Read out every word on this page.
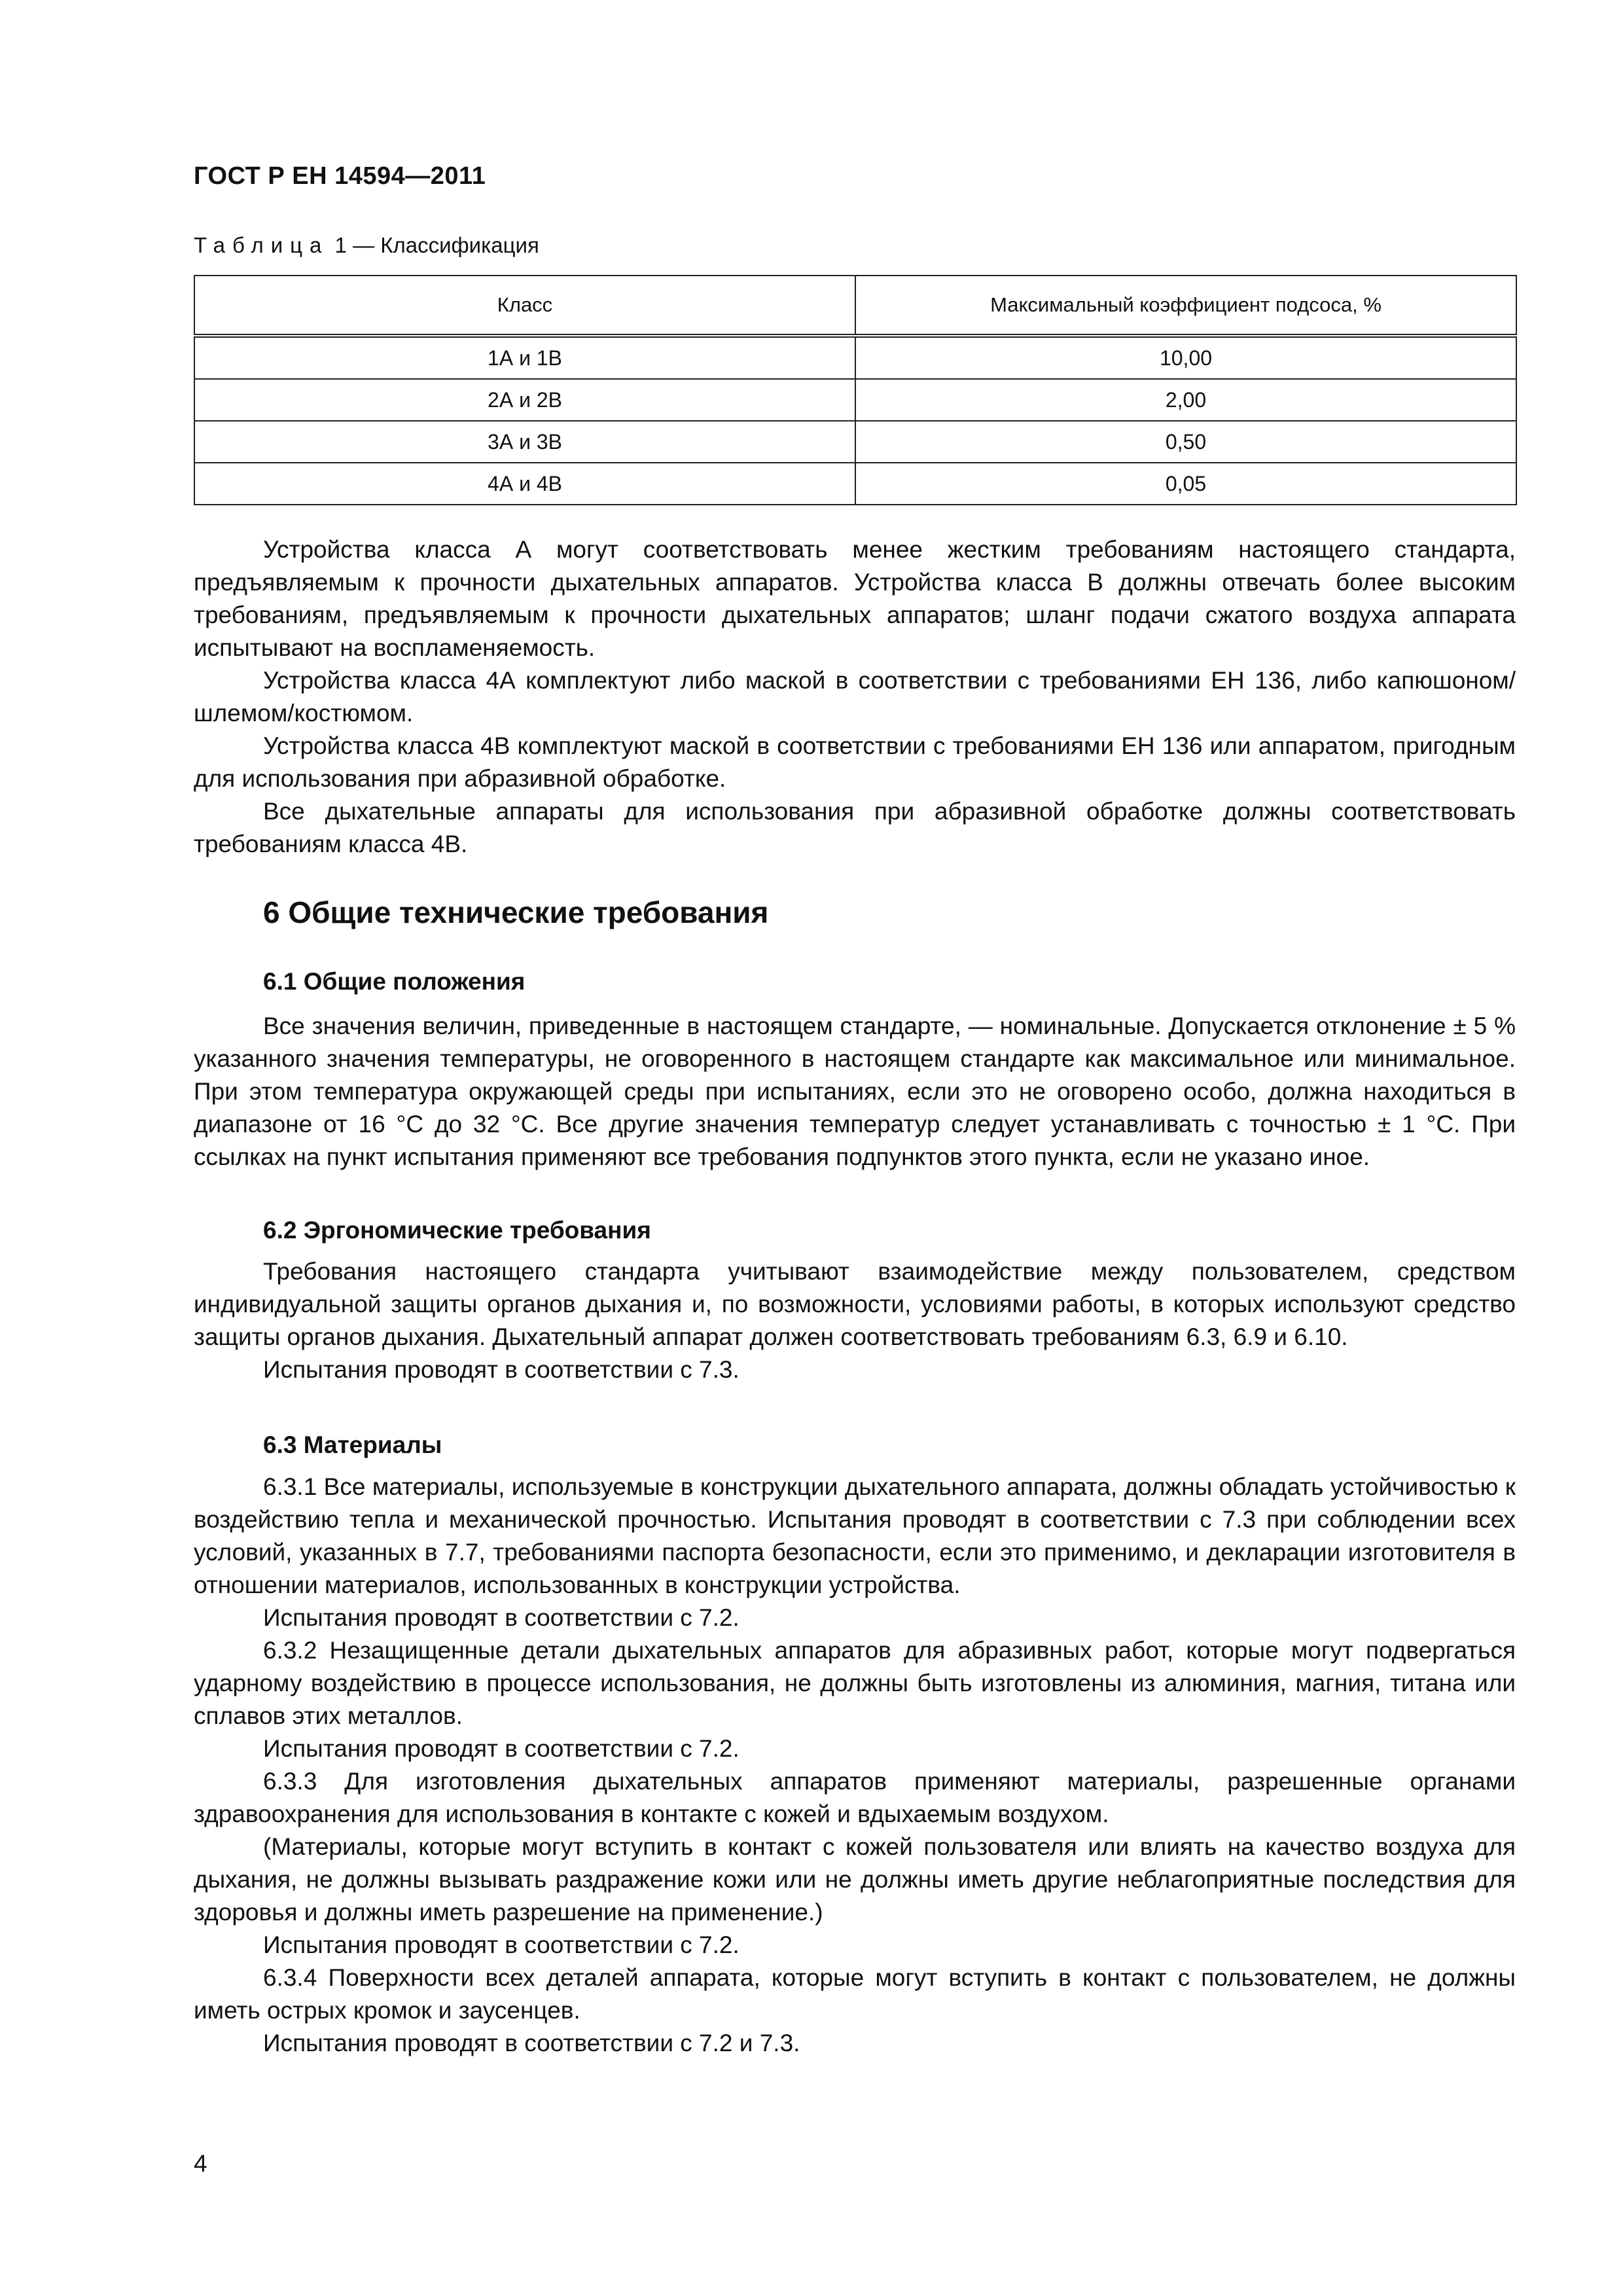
ГОСТ Р ЕН 14594—2011
Таблица 1 — Классификация
Класс	Максимальный коэффициент подсоса, %
1А и 1В	10,00
2А и 2В	2,00
3А и 3В	0,50
4А и 4В	0,05

Устройства класса А могут соответствовать менее жестким требованиям настоящего стандарта, предъявляемым к прочности дыхательных аппаратов. Устройства класса В должны отвечать более высоким требованиям, предъявляемым к прочности дыхательных аппаратов; шланг подачи сжатого воздуха аппарата испытывают на воспламеняемость.

Устройства класса 4А комплектуют либо маской в соответствии с требованиями ЕН 136, либо капюшоном/шлемом/костюмом.

Устройства класса 4В комплектуют маской в соответствии с требованиями ЕН 136 или аппаратом, пригодным для использования при абразивной обработке.

Все дыхательные аппараты для использования при абразивной обработке должны соответствовать требованиям класса 4В.

6 Общие технические требования
6.1 Общие положения

Все значения величин, приведенные в настоящем стандарте, — номинальные. Допускается отклонение ± 5 % указанного значения температуры, не оговоренного в настоящем стандарте как максимальное или минимальное. При этом температура окружающей среды при испытаниях, если это не оговорено особо, должна находиться в диапазоне от 16 °С до 32 °С. Все другие значения температур следует устанавливать с точностью ± 1 °С. При ссылках на пункт испытания применяют все требования подпунктов этого пункта, если не указано иное.

6.2 Эргономические требования

Требования настоящего стандарта учитывают взаимодействие между пользователем, средством индивидуальной защиты органов дыхания и, по возможности, условиями работы, в которых используют средство защиты органов дыхания. Дыхательный аппарат должен соответствовать требованиям 6.3, 6.9 и 6.10.

Испытания проводят в соответствии с 7.3.

6.3 Материалы

6.3.1 Все материалы, используемые в конструкции дыхательного аппарата, должны обладать устойчивостью к воздействию тепла и механической прочностью. Испытания проводят в соответствии с 7.3 при соблюдении всех условий, указанных в 7.7, требованиями паспорта безопасности, если это применимо, и декларации изготовителя в отношении материалов, использованных в конструкции устройства.

Испытания проводят в соответствии с 7.2.

6.3.2 Незащищенные детали дыхательных аппаратов для абразивных работ, которые могут подвергаться ударному воздействию в процессе использования, не должны быть изготовлены из алюминия, магния, титана или сплавов этих металлов.

Испытания проводят в соответствии с 7.2.

6.3.3 Для изготовления дыхательных аппаратов применяют материалы, разрешенные органами здравоохранения для использования в контакте с кожей и вдыхаемым воздухом.

(Материалы, которые могут вступить в контакт с кожей пользователя или влиять на качество воздуха для дыхания, не должны вызывать раздражение кожи или не должны иметь другие неблагоприятные последствия для здоровья и должны иметь разрешение на применение.)

Испытания проводят в соответствии с 7.2.

6.3.4 Поверхности всех деталей аппарата, которые могут вступить в контакт с пользователем, не должны иметь острых кромок и заусенцев.

Испытания проводят в соответствии с 7.2 и 7.3.

4
